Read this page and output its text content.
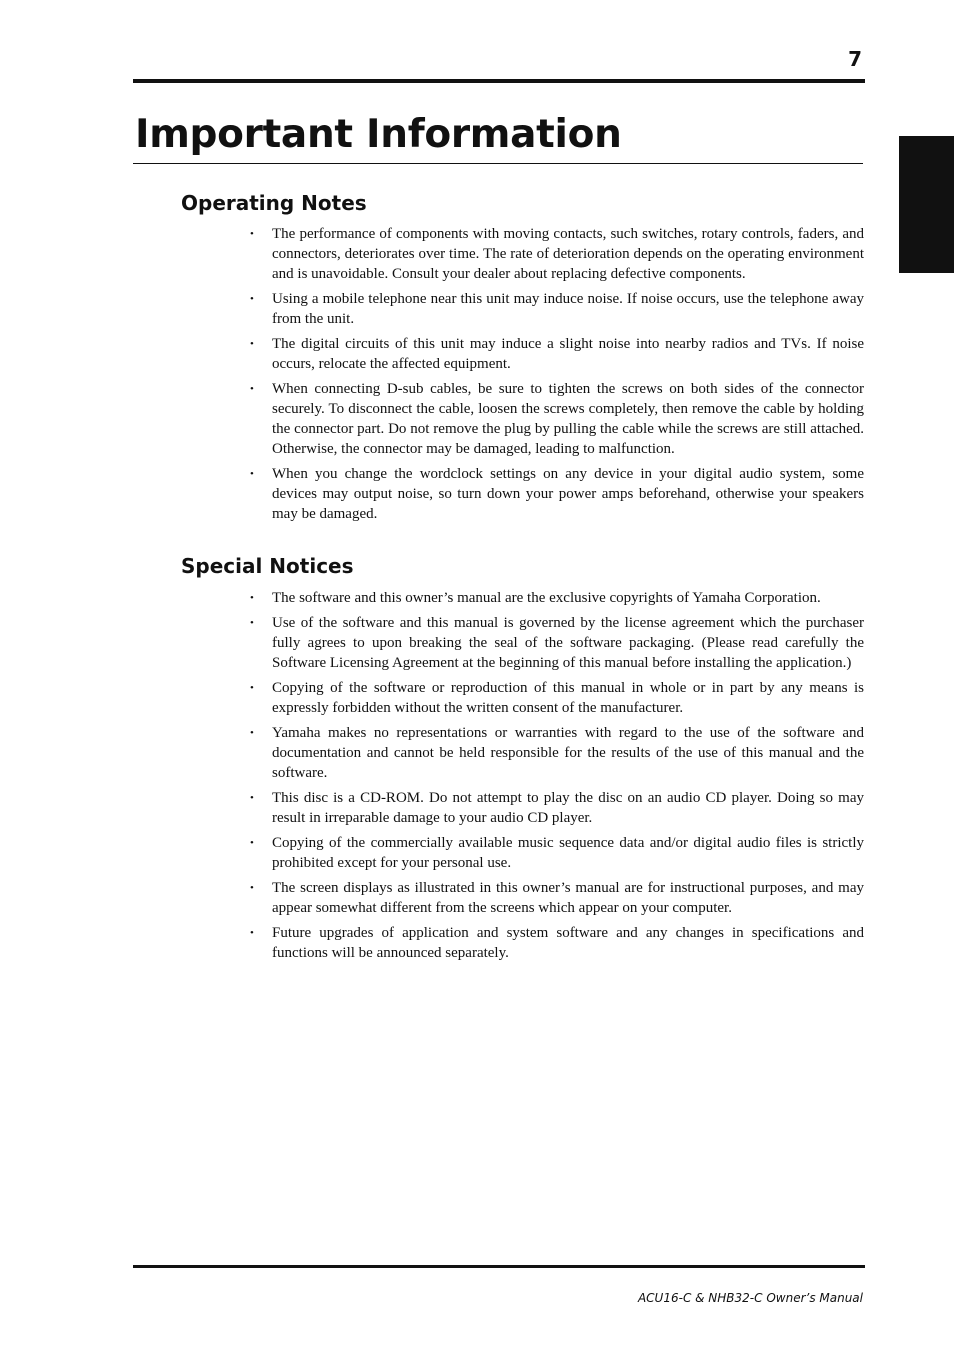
7
Important Information
Operating Notes
• The performance of components with moving contacts, such switches, rotary controls, faders, and connectors, deteriorates over time. The rate of deterioration depends on the operating environment and is unavoidable. Consult your dealer about replacing defective components.
• Using a mobile telephone near this unit may induce noise. If noise occurs, use the telephone away from the unit.
• The digital circuits of this unit may induce a slight noise into nearby radios and TVs. If noise occurs, relocate the affected equipment.
• When connecting D-sub cables, be sure to tighten the screws on both sides of the connector securely. To disconnect the cable, loosen the screws completely, then remove the cable by holding the connector part. Do not remove the plug by pulling the cable while the screws are still attached. Otherwise, the connector may be damaged, leading to malfunction.
• When you change the wordclock settings on any device in your digital audio system, some devices may output noise, so turn down your power amps beforehand, otherwise your speakers may be damaged.
Special Notices
• The software and this owner’s manual are the exclusive copyrights of Yamaha Corporation.
• Use of the software and this manual is governed by the license agreement which the purchaser fully agrees to upon breaking the seal of the software packaging. (Please read carefully the Software Licensing Agreement at the beginning of this manual before installing the application.)
• Copying of the software or reproduction of this manual in whole or in part by any means is expressly forbidden without the written consent of the manufacturer.
• Yamaha makes no representations or warranties with regard to the use of the software and documentation and cannot be held responsible for the results of the use of this manual and the software.
• This disc is a CD-ROM. Do not attempt to play the disc on an audio CD player. Doing so may result in irreparable damage to your audio CD player.
• Copying of the commercially available music sequence data and/or digital audio files is strictly prohibited except for your personal use.
• The screen displays as illustrated in this owner’s manual are for instructional purposes, and may appear somewhat different from the screens which appear on your computer.
• Future upgrades of application and system software and any changes in specifications and functions will be announced separately.
ACU16-C & NHB32-C Owner’s Manual
